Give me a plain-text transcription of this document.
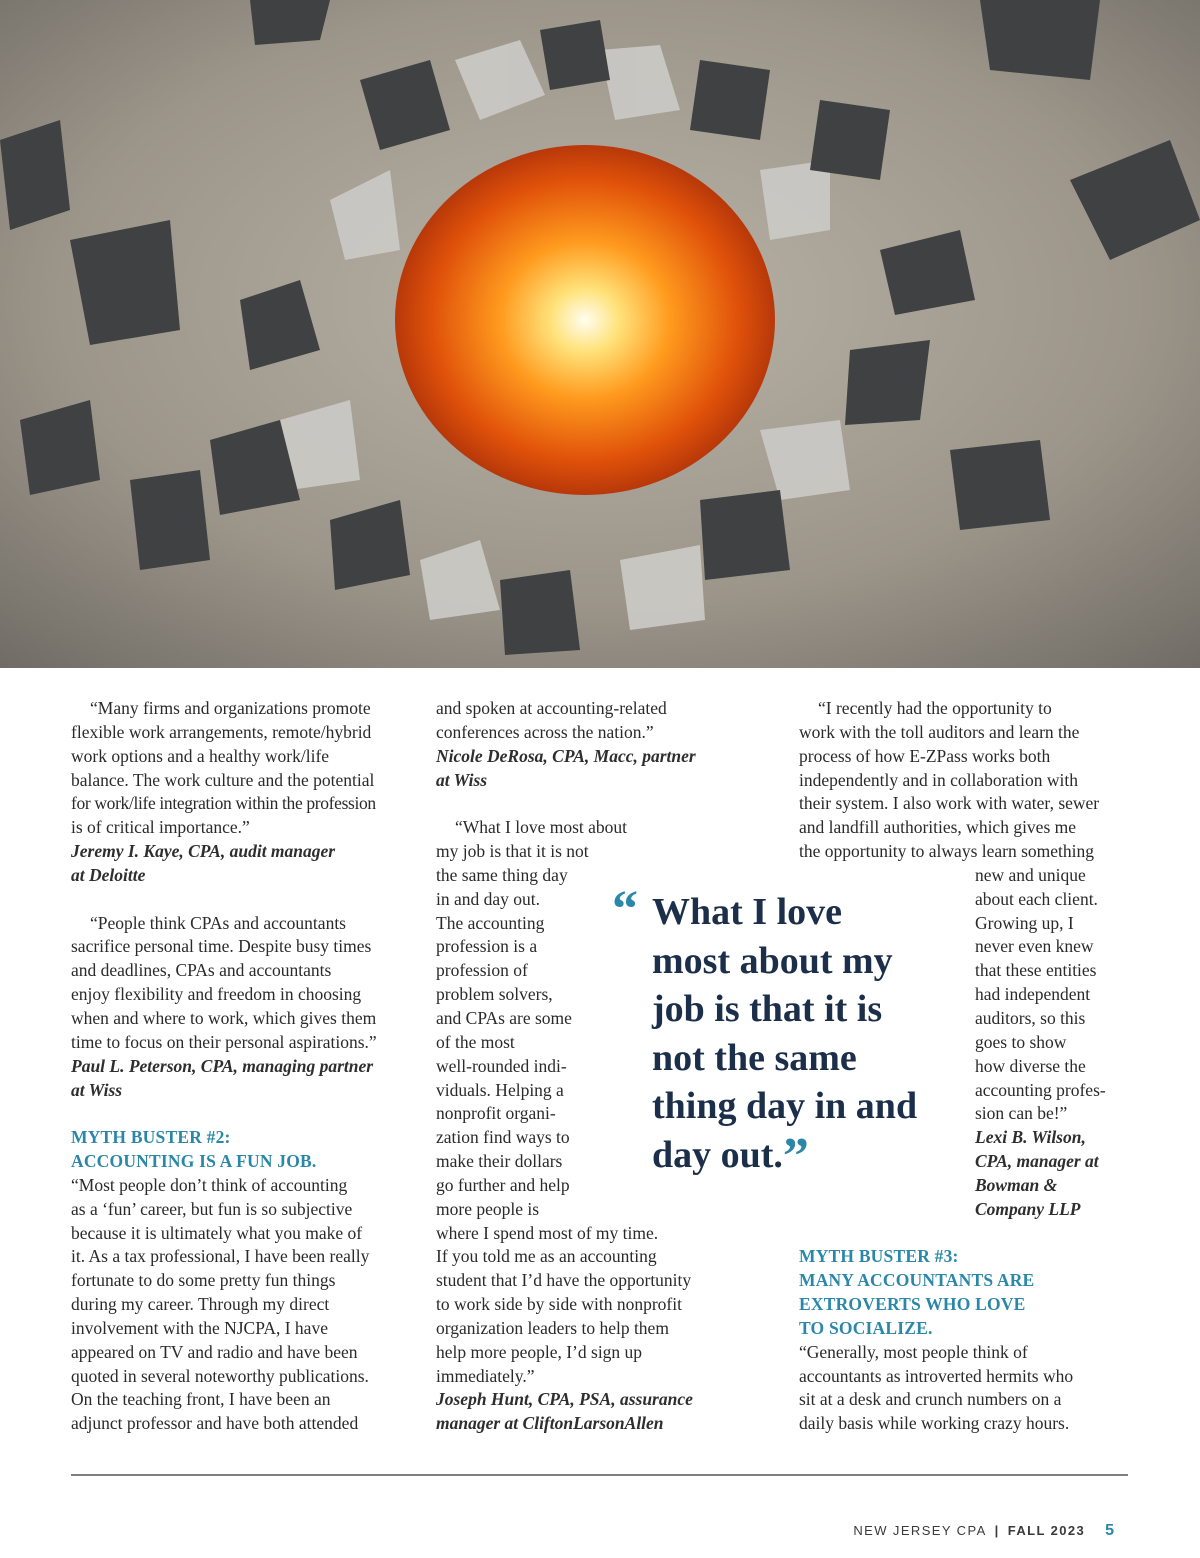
“Many firms and organizations promote
flexible work arrangements, remote/hybrid
work options and a healthy work/life
balance. The work culture and the potential
for work/life integration within the profession
is of critical importance.”
Jeremy I. Kaye, CPA, audit manager
at Deloitte

“People think CPAs and accountants
sacrifice personal time. Despite busy times
and deadlines, CPAs and accountants
enjoy flexibility and freedom in choosing
when and where to work, which gives them
time to focus on their personal aspirations.”
Paul L. Peterson, CPA, managing partner
at Wiss

MYTH BUSTER #2:
ACCOUNTING IS A FUN JOB.
“Most people don’t think of accounting
as a ‘fun’ career, but fun is so subjective
because it is ultimately what you make of
it. As a tax professional, I have been really
fortunate to do some pretty fun things
during my career. Through my direct
involvement with the NJCPA, I have
appeared on TV and radio and have been
quoted in several noteworthy publications.
On the teaching front, I have been an
adjunct professor and have both attended

and spoken at accounting-related
conferences across the nation.”
Nicole DeRosa, CPA, Macc, partner
at Wiss

“What I love most about
my job is that it is not
the same thing day
in and day out.
The accounting
profession is a
profession of
problem solvers,
and CPAs are some
of the most
well-rounded indi-
viduals. Helping a
nonprofit organi-
zation find ways to
make their dollars
go further and help
more people is
where I spend most of my time.
If you told me as an accounting
student that I’d have the opportunity
to work side by side with nonprofit
organization leaders to help them
help more people, I’d sign up
immediately.”
Joseph Hunt, CPA, PSA, assurance
manager at CliftonLarsonAllen

“ What I love
most about my
job is that it is
not the same
thing day in and
day out.”

“I recently had the opportunity to
work with the toll auditors and learn the
process of how E-ZPass works both
independently and in collaboration with
their system. I also work with water, sewer
and landfill authorities, which gives me
the opportunity to always learn something
new and unique
about each client.
Growing up, I
never even knew
that these entities
had independent
auditors, so this
goes to show
how diverse the
accounting profes-
sion can be!”
Lexi B. Wilson,
CPA, manager at
Bowman &
Company LLP

MYTH BUSTER #3:
MANY ACCOUNTANTS ARE
EXTROVERTS WHO LOVE
TO SOCIALIZE.
“Generally, most people think of
accountants as introverted hermits who
sit at a desk and crunch numbers on a
daily basis while working crazy hours.

NEW JERSEY CPA | FALL 2023 5
